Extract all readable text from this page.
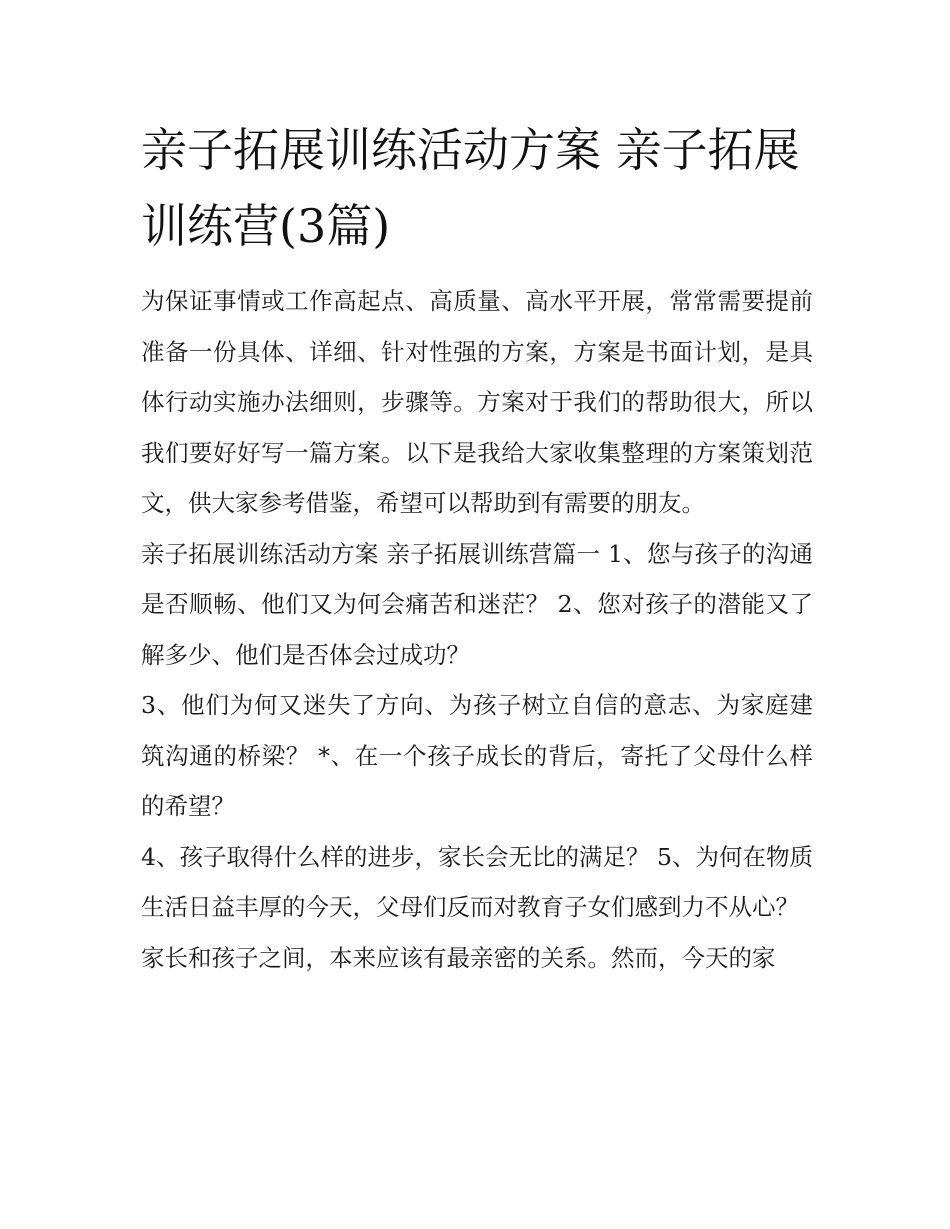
亲子拓展训练活动方案 亲子拓展训练营(3篇)

为保证事情或工作高起点、高质量、高水平开展，常常需要提前准备一份具体、详细、针对性强的方案，方案是书面计划，是具体行动实施办法细则，步骤等。方案对于我们的帮助很大，所以我们要好好写一篇方案。以下是我给大家收集整理的方案策划范文，供大家参考借鉴，希望可以帮助到有需要的朋友。

亲子拓展训练活动方案 亲子拓展训练营篇一 1、您与孩子的沟通是否顺畅、他们又为何会痛苦和迷茫？ 2、您对孩子的潜能又了解多少、他们是否体会过成功？

3、他们为何又迷失了方向、为孩子树立自信的意志、为家庭建筑沟通的桥梁？ *、在一个孩子成长的背后，寄托了父母什么样的希望？

4、孩子取得什么样的进步，家长会无比的满足？ 5、为何在物质生活日益丰厚的今天，父母们反而对教育子女们感到力不从心？

家长和孩子之间，本来应该有最亲密的关系。然而，今天的家
